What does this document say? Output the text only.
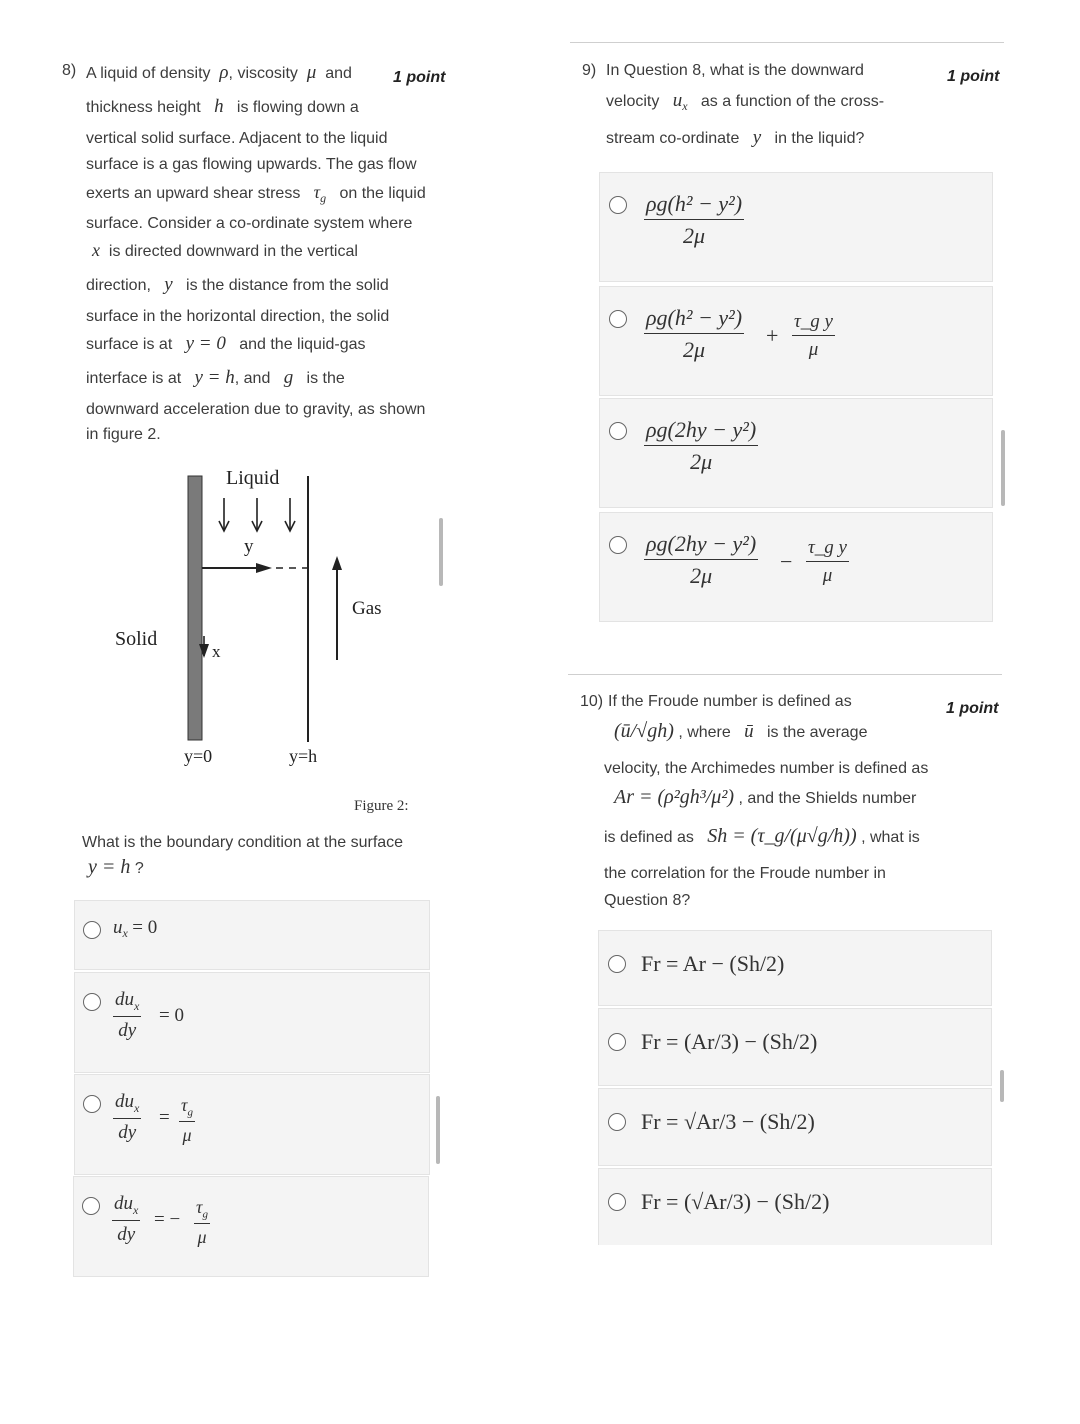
8)	1 point
A liquid of density ρ, viscosity μ and
thickness height h is flowing down a
vertical solid surface. Adjacent to the liquid
surface is a gas flowing upwards. The gas flow
exerts an upward shear stress $\tau_g$ on the liquid
surface. Consider a co-ordinate system where
x is directed downward in the vertical
direction, y is the distance from the solid
surface in the horizontal direction, the solid
surface is at y = 0 and the liquid-gas
interface is at y = h, and g is the
downward acceleration due to gravity, as shown
in figure 2.
Liquid
y
Gas
Solid
x
y=0	y=h
Figure 2:
What is the boundary condition at the surface
y = h ?
$u_x = 0$
$du_x$
dy
= 0
$du_x$
dy
= $\frac{\tau_g}{\mu}$
$du_x$
dy
= − $\frac{\tau_g}{\mu}$
9)	1 point
In Question 8, what is the downward
velocity $u_x$ as a function of the cross-
stream co-ordinate y in the liquid?
$\frac{\text{ρg(h² − y²)}}{2\mu}$
$\frac{\text{ρg(h² − y²)}}{2\mu} + \frac{\text{τ\_g y}}{\mu}$
$\frac{\text{ρg(2hy − y²)}}{2\mu}$
$\frac{\text{ρg(2hy − y²)}}{2\mu} - \frac{\text{τ\_g y}}{\mu}$
10)	1 point
If the Froude number is defined as
(ū/√gh) , where ū is the average
velocity, the Archimedes number is defined as
Ar = (ρ²gh³/μ²) , and the Shields number
is defined as Sh = (τ_g/(μ√g/h)) , what is
the correlation for the Froude number in
Question 8?
Fr = Ar − (Sh/2)
Fr = (Ar/3) − (Sh/2)
Fr = √Ar/3 − (Sh/2)
Fr = (√Ar/3) − (Sh/2)
